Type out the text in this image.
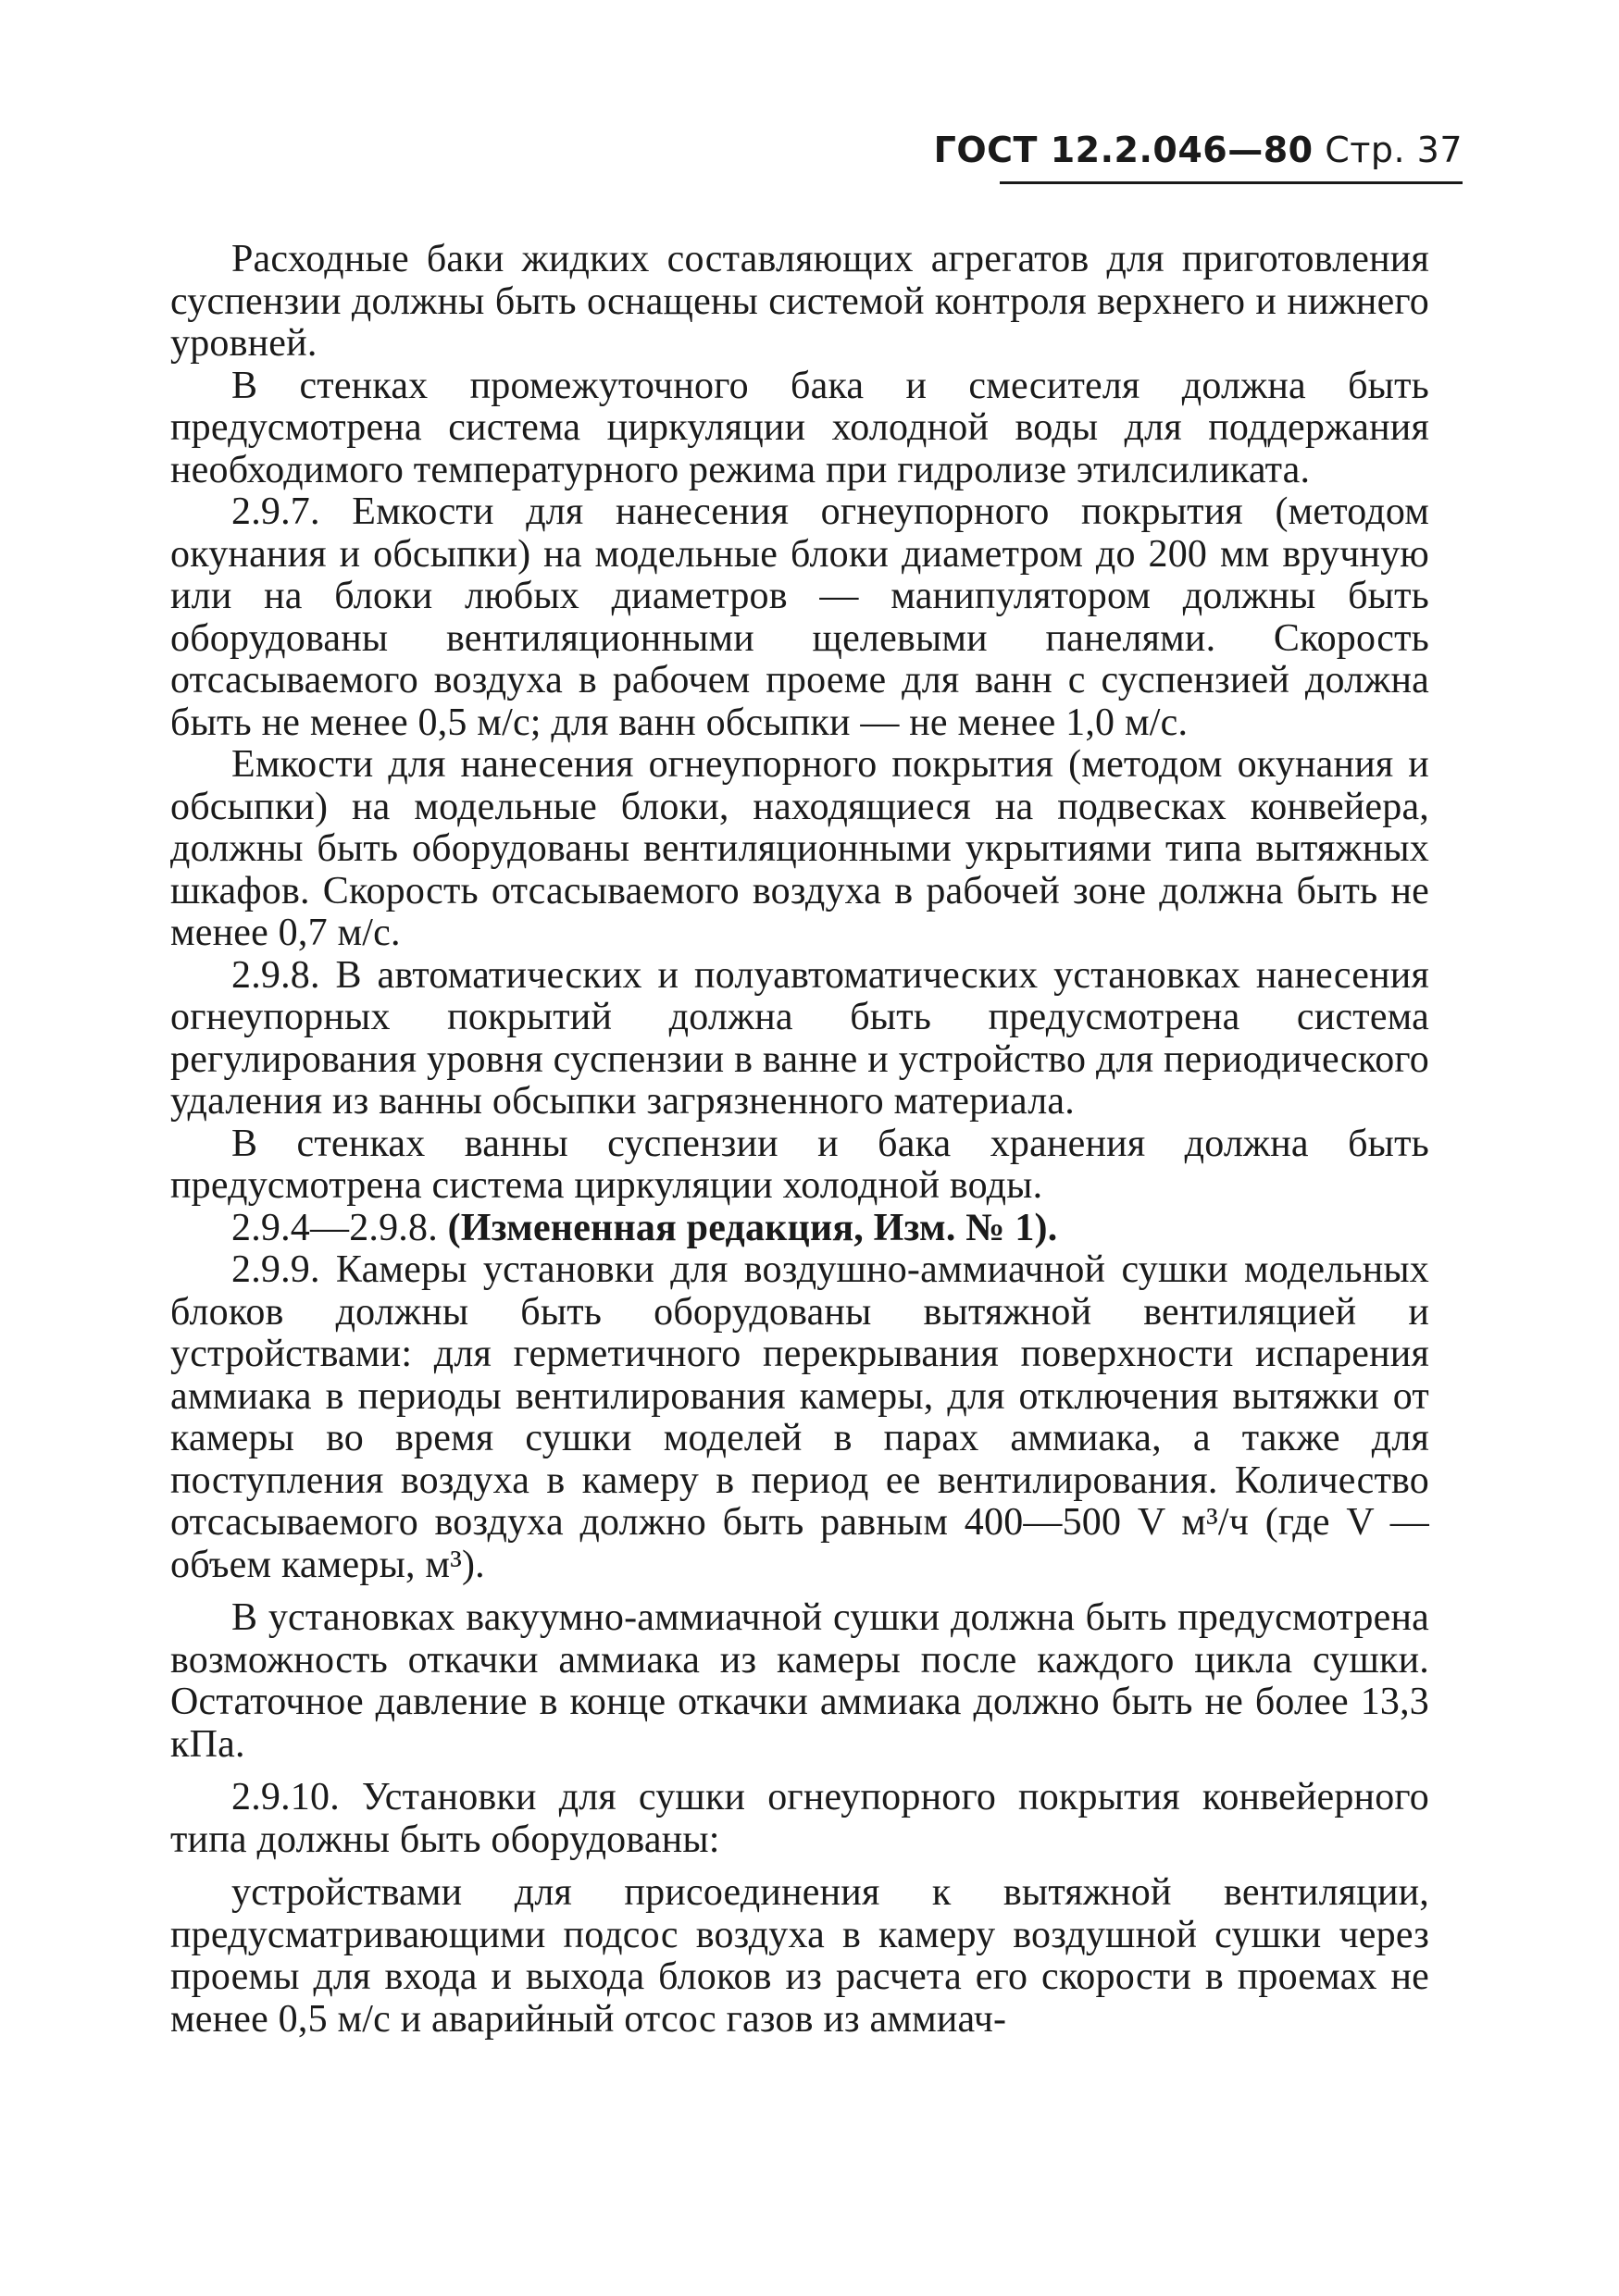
ГОСТ 12.2.046—80 Стр. 37

Расходные баки жидких составляющих агрегатов для приготовления суспензии должны быть оснащены системой контроля верхнего и нижнего уровней.

В стенках промежуточного бака и смесителя должна быть предусмотрена система циркуляции холодной воды для поддержания необходимого температурного режима при гидролизе этилсиликата.

2.9.7. Емкости для нанесения огнеупорного покрытия (методом окунания и обсыпки) на модельные блоки диаметром до 200 мм вручную или на блоки любых диаметров — манипулятором должны быть оборудованы вентиляционными щелевыми панелями. Скорость отсасываемого воздуха в рабочем проеме для ванн с суспензией должна быть не менее 0,5 м/с; для ванн обсыпки — не менее 1,0 м/с.

Емкости для нанесения огнеупорного покрытия (методом окунания и обсыпки) на модельные блоки, находящиеся на подвесках конвейера, должны быть оборудованы вентиляционными укрытиями типа вытяжных шкафов. Скорость отсасываемого воздуха в рабочей зоне должна быть не менее 0,7 м/с.

2.9.8. В автоматических и полуавтоматических установках нанесения огнеупорных покрытий должна быть предусмотрена система регулирования уровня суспензии в ванне и устройство для периодического удаления из ванны обсыпки загрязненного материала.

В стенках ванны суспензии и бака хранения должна быть предусмотрена система циркуляции холодной воды.

2.9.4—2.9.8. (Измененная редакция, Изм. № 1).

2.9.9. Камеры установки для воздушно-аммиачной сушки модельных блоков должны быть оборудованы вытяжной вентиляцией и устройствами: для герметичного перекрывания поверхности испарения аммиака в периоды вентилирования камеры, для отключения вытяжки от камеры во время сушки моделей в парах аммиака, а также для поступления воздуха в камеру в период ее вентилирования. Количество отсасываемого воздуха должно быть равным 400—500 V м³/ч (где V — объем камеры, м³).

В установках вакуумно-аммиачной сушки должна быть предусмотрена возможность откачки аммиака из камеры после каждого цикла сушки. Остаточное давление в конце откачки аммиака должно быть не более 13,3 кПа.

2.9.10. Установки для сушки огнеупорного покрытия конвейерного типа должны быть оборудованы:

устройствами для присоединения к вытяжной вентиляции, предусматривающими подсос воздуха в камеру воздушной сушки через проемы для входа и выхода блоков из расчета его скорости в проемах не менее 0,5 м/с и аварийный отсос газов из аммиач-
